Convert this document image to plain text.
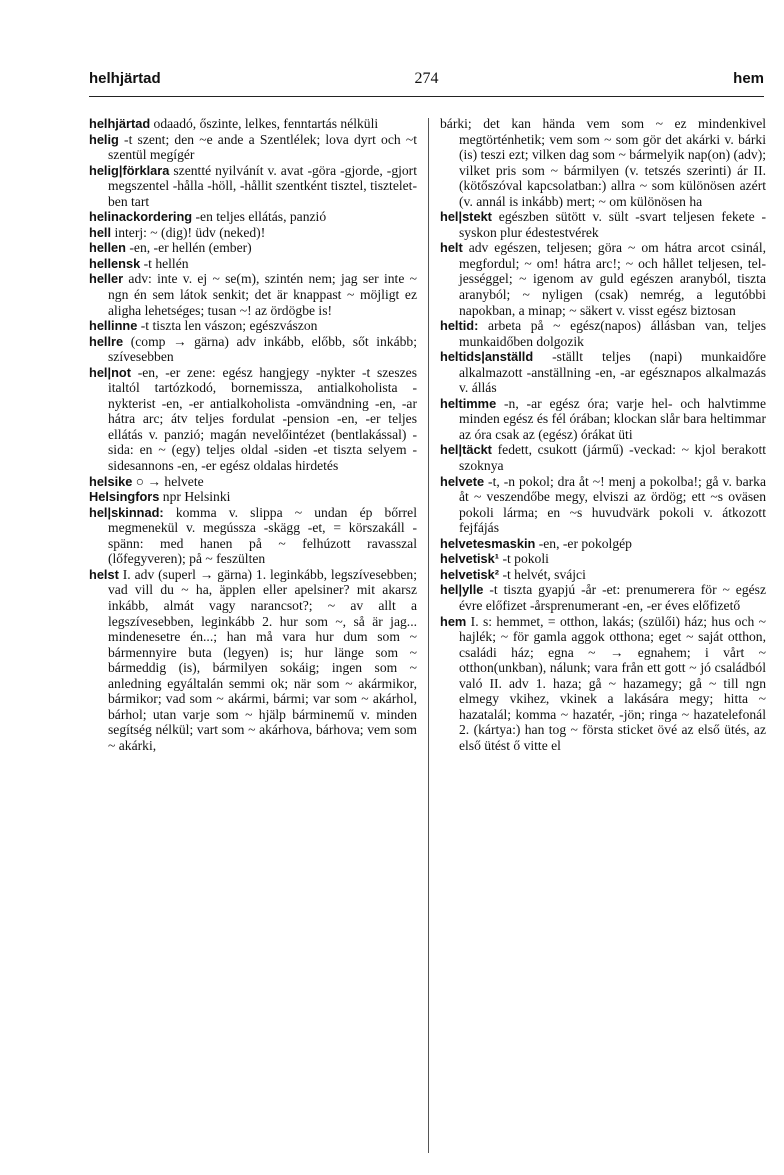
helhjärtad	274	hem

helhjärtad odaadó, őszinte, lelkes, fenntartás nélküli

helig -t szent; den ~e ande a Szentlélek; lova dyrt och ~t szentül megígér

helig|förklara szentté nyilvánít v. avat -göra -gjorde, -gjort megszentel -hålla -höll, -hållit szentként tisztel, tiszteletben tart

helinackordering -en teljes ellátás, panzió

hell interj: ~ (dig)! üdv (neked)!

hellen -en, -er hellén (ember)

hellensk -t hellén

heller adv: inte v. ej ~ se(m), szintén nem; jag ser inte ~ ngn én sem látok senkit; det är knappast ~ möjligt ez aligha lehetséges; tusan ~! az ördögbe is!

hellinne -t tiszta len vászon; egészvászon

hellre (comp → gärna) adv inkább, előbb, sőt inkább; szívesebben

hel|not -en, -er zene: egész hangjegy -nykter -t szeszes italtól tartózkodó, bornemissza, antialkoholista -nykterist -en, -er antialkoholista -omvändning -en, -ar hátra arc; átv teljes fordulat -pension -en, -er teljes ellátás v. panzió; magán nevelőintézet (bentlakással) -sida: en ~ (egy) teljes oldal -siden -et tiszta selyem -sidesannons -en, -er egész oldalas hirdetés

helsike ○ → helvete

Helsingfors npr Helsinki

hel|skinnad: komma v. slippa ~ undan ép bőrrel megmenekül v. megússza -skägg -et, = körszakáll -spänn: med hanen på ~ felhúzott ravasszal (lőfegyveren); på ~ feszülten

helst I. adv (superl → gärna) 1. leginkább, legszívesebben; vad vill du ~ ha, äpplen eller apelsiner? mit akarsz inkább, almát vagy narancsot?; ~ av allt a legszívesebben, leginkább 2. hur som ~, så är jag... mindenesetre én...; han må vara hur dum som ~ bármennyire buta (legyen) is; hur länge som ~ bármeddig (is), bármilyen sokáig; ingen som ~ anledning egyáltalán semmi ok; när som ~ akármikor, bármikor; vad som ~ akármi, bármi; var som ~ akárhol, bárhol; utan varje som ~ hjälp bárminemű v. minden segítség nélkül; vart som ~ akárhova, bárhova; vem som ~ akárki,

bárki; det kan hända vem som ~ ez mindenkivel megtörténhetik; vem som ~ som gör det akárki v. bárki (is) teszi ezt; vilken dag som ~ bármelyik nap(on) (adv); vilket pris som ~ bármilyen (v. tetszés szerinti) ár II. (kötőszóval kapcsolatban:) allra ~ som különösen azért (v. annál is inkább) mert; ~ om különösen ha

hel|stekt egészben sütött v. sült -svart teljesen fekete -syskon plur édestestvérek

helt adv egészen, teljesen; göra ~ om hátra arcot csinál, megfordul; ~ om! hátra arc!; ~ och hållet teljesen, teljességgel; ~ igenom av guld egészen aranyból, tiszta aranyból; ~ nyligen (csak) nemrég, a legutóbbi napokban, a minap; ~ säkert v. visst egész biztosan

heltid: arbeta på ~ egész(napos) állásban van, teljes munkaidőben dolgozik

heltids|anställd -ställt teljes (napi) munkaidőre alkalmazott -anställning -en, -ar egésznapos alkalmazás v. állás

heltimme -n, -ar egész óra; varje hel- och halvtimme minden egész és fél órában; klockan slår bara heltimmar az óra csak az (egész) órákat üti

hel|täckt fedett, csukott (jármű) -veckad: ~ kjol berakott szoknya

helvete -t, -n pokol; dra åt ~! menj a pokolba!; gå v. barka åt ~ veszendőbe megy, elviszi az ördög; ett ~s oväsen pokoli lárma; en ~s huvudvärk pokoli v. átkozott fejfájás

helvetesmaskin -en, -er pokolgép

helvetisk¹ -t pokoli

helvetisk² -t helvét, svájci

hel|ylle -t tiszta gyapjú -år -et: prenumerera för ~ egész évre előfizet -årsprenumerant -en, -er éves előfizető

hem I. s: hemmet, = otthon, lakás; (szülői) ház; hus och ~ hajlék; ~ för gamla aggok otthona; eget ~ saját otthon, családi ház; egna ~ → egnahem; i vårt ~ otthon(unkban), nálunk; vara från ett gott ~ jó családból való II. adv 1. haza; gå ~ hazamegy; gå ~ till ngn elmegy vkihez, vkinek a lakására megy; hitta ~ hazatalál; komma ~ hazatér, -jön; ringa ~ hazatelefonál 2. (kártya:) han tog ~ första sticket övé az első ütés, az első ütést ő vitte el
